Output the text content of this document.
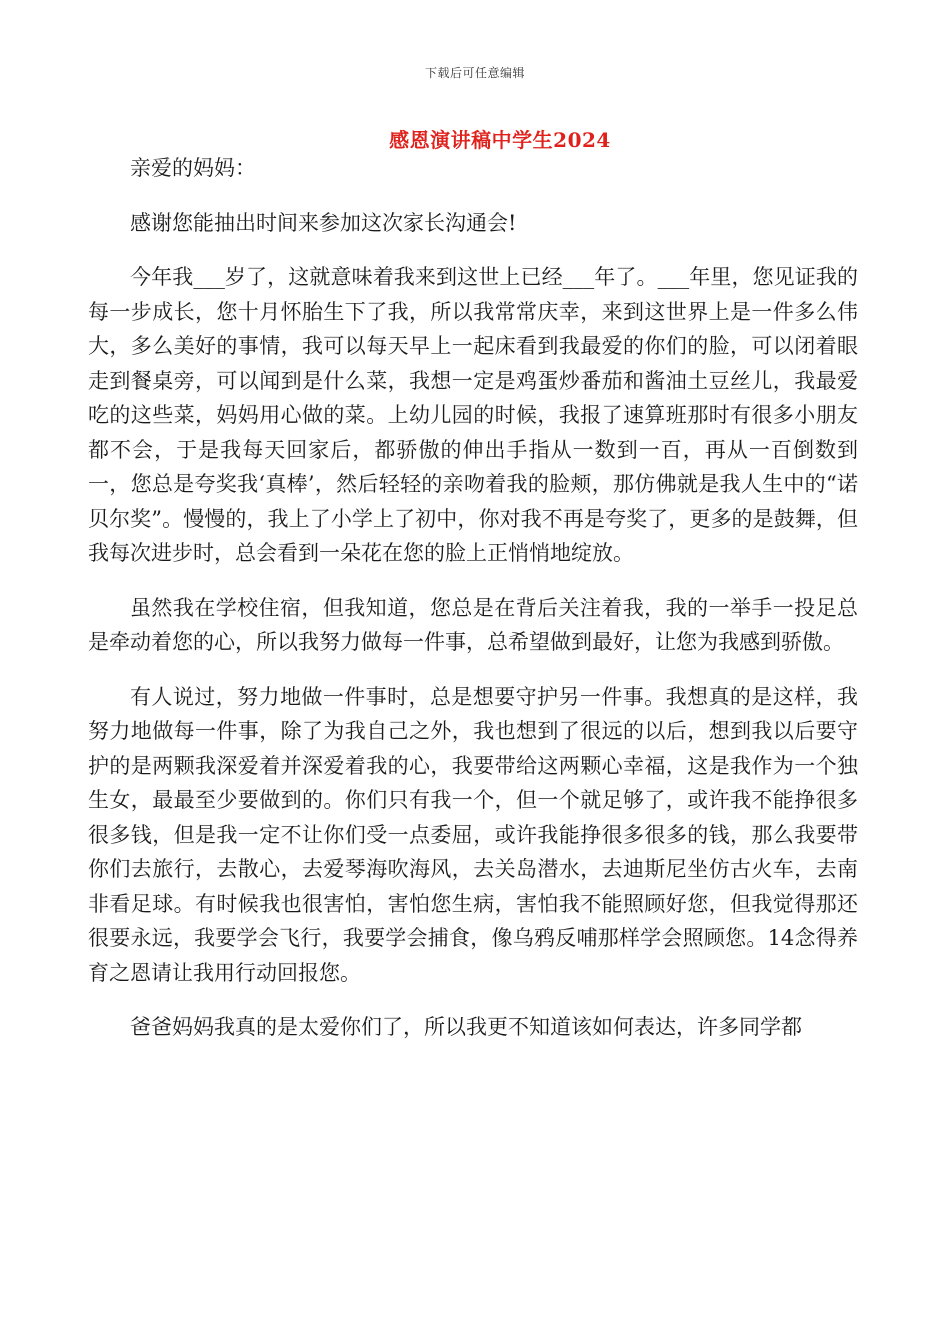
下载后可任意编辑
感恩演讲稿中学生2024

亲爱的妈妈：

感谢您能抽出时间来参加这次家长沟通会!

今年我___岁了，这就意味着我来到这世上已经___年了。___年里，您见证我的每一步成长，您十月怀胎生下了我，所以我常常庆幸，来到这世界上是一件多么伟大，多么美好的事情，我可以每天早上一起床看到我最爱的你们的脸，可以闭着眼走到餐桌旁，可以闻到是什么菜，我想一定是鸡蛋炒番茄和酱油土豆丝儿，我最爱吃的这些菜，妈妈用心做的菜。上幼儿园的时候，我报了速算班那时有很多小朋友都不会，于是我每天回家后，都骄傲的伸出手指从一数到一百，再从一百倒数到一，您总是夸奖我‘真棒’，然后轻轻的亲吻着我的脸颊，那仿佛就是我人生中的“诺贝尔奖”。慢慢的，我上了小学上了初中，你对我不再是夸奖了，更多的是鼓舞，但我每次进步时，总会看到一朵花在您的脸上正悄悄地绽放。

虽然我在学校住宿，但我知道，您总是在背后关注着我，我的一举手一投足总是牵动着您的心，所以我努力做每一件事，总希望做到最好，让您为我感到骄傲。

有人说过，努力地做一件事时，总是想要守护另一件事。我想真的是这样，我努力地做每一件事，除了为我自己之外，我也想到了很远的以后，想到我以后要守护的是两颗我深爱着并深爱着我的心，我要带给这两颗心幸福，这是我作为一个独生女，最最至少要做到的。你们只有我一个，但一个就足够了，或许我不能挣很多很多钱，但是我一定不让你们受一点委屈，或许我能挣很多很多的钱，那么我要带你们去旅行，去散心，去爱琴海吹海风，去关岛潜水，去迪斯尼坐仿古火车，去南非看足球。有时候我也很害怕，害怕您生病，害怕我不能照顾好您，但我觉得那还很要永远，我要学会飞行，我要学会捕食，像乌鸦反哺那样学会照顾您。14念得养育之恩请让我用行动回报您。

爸爸妈妈我真的是太爱你们了，所以我更不知道该如何表达，许多同学都
